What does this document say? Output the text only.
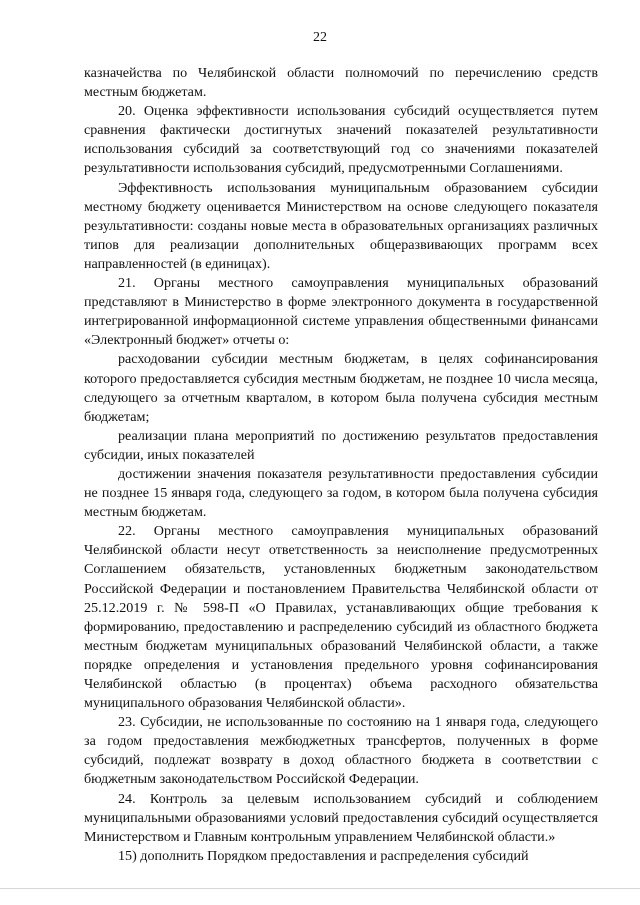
22

казначейства по Челябинской области полномочий по перечислению средств местным бюджетам.

20. Оценка эффективности использования субсидий осуществляется путем сравнения фактически достигнутых значений показателей результативности использования субсидий за соответствующий год со значениями показателей результативности использования субсидий, предусмотренными Соглашениями.

Эффективность использования муниципальным образованием субсидии местному бюджету оценивается Министерством на основе следующего показателя результативности: созданы новые места в образовательных организациях различных типов для реализации дополнительных общеразвивающих программ всех направленностей (в единицах).

21. Органы местного самоуправления муниципальных образований представляют в Министерство в форме электронного документа в государственной интегрированной информационной системе управления общественными финансами «Электронный бюджет» отчеты о:

расходовании субсидии местным бюджетам, в целях софинансирования которого предоставляется субсидия местным бюджетам, не позднее 10 числа месяца, следующего за отчетным кварталом, в котором была получена субсидия местным бюджетам;

реализации плана мероприятий по достижению результатов предоставления субсидии, иных показателей

достижении значения показателя результативности предоставления субсидии не позднее 15 января года, следующего за годом, в котором была получена субсидия местным бюджетам.

22. Органы местного самоуправления муниципальных образований Челябинской области несут ответственность за неисполнение предусмотренных Соглашением обязательств, установленных бюджетным законодательством Российской Федерации и постановлением Правительства Челябинской области от 25.12.2019 г. № 598-П «О Правилах, устанавливающих общие требования к формированию, предоставлению и распределению субсидий из областного бюджета местным бюджетам муниципальных образований Челябинской области, а также порядке определения и установления предельного уровня софинансирования Челябинской областью (в процентах) объема расходного обязательства муниципального образования Челябинской области».

23. Субсидии, не использованные по состоянию на 1 января года, следующего за годом предоставления межбюджетных трансфертов, полученных в форме субсидий, подлежат возврату в доход областного бюджета в соответствии с бюджетным законодательством Российской Федерации.

24. Контроль за целевым использованием субсидий и соблюдением муниципальными образованиями условий предоставления субсидий осуществляется Министерством и Главным контрольным управлением Челябинской области.»

15) дополнить Порядком предоставления и распределения субсидий
